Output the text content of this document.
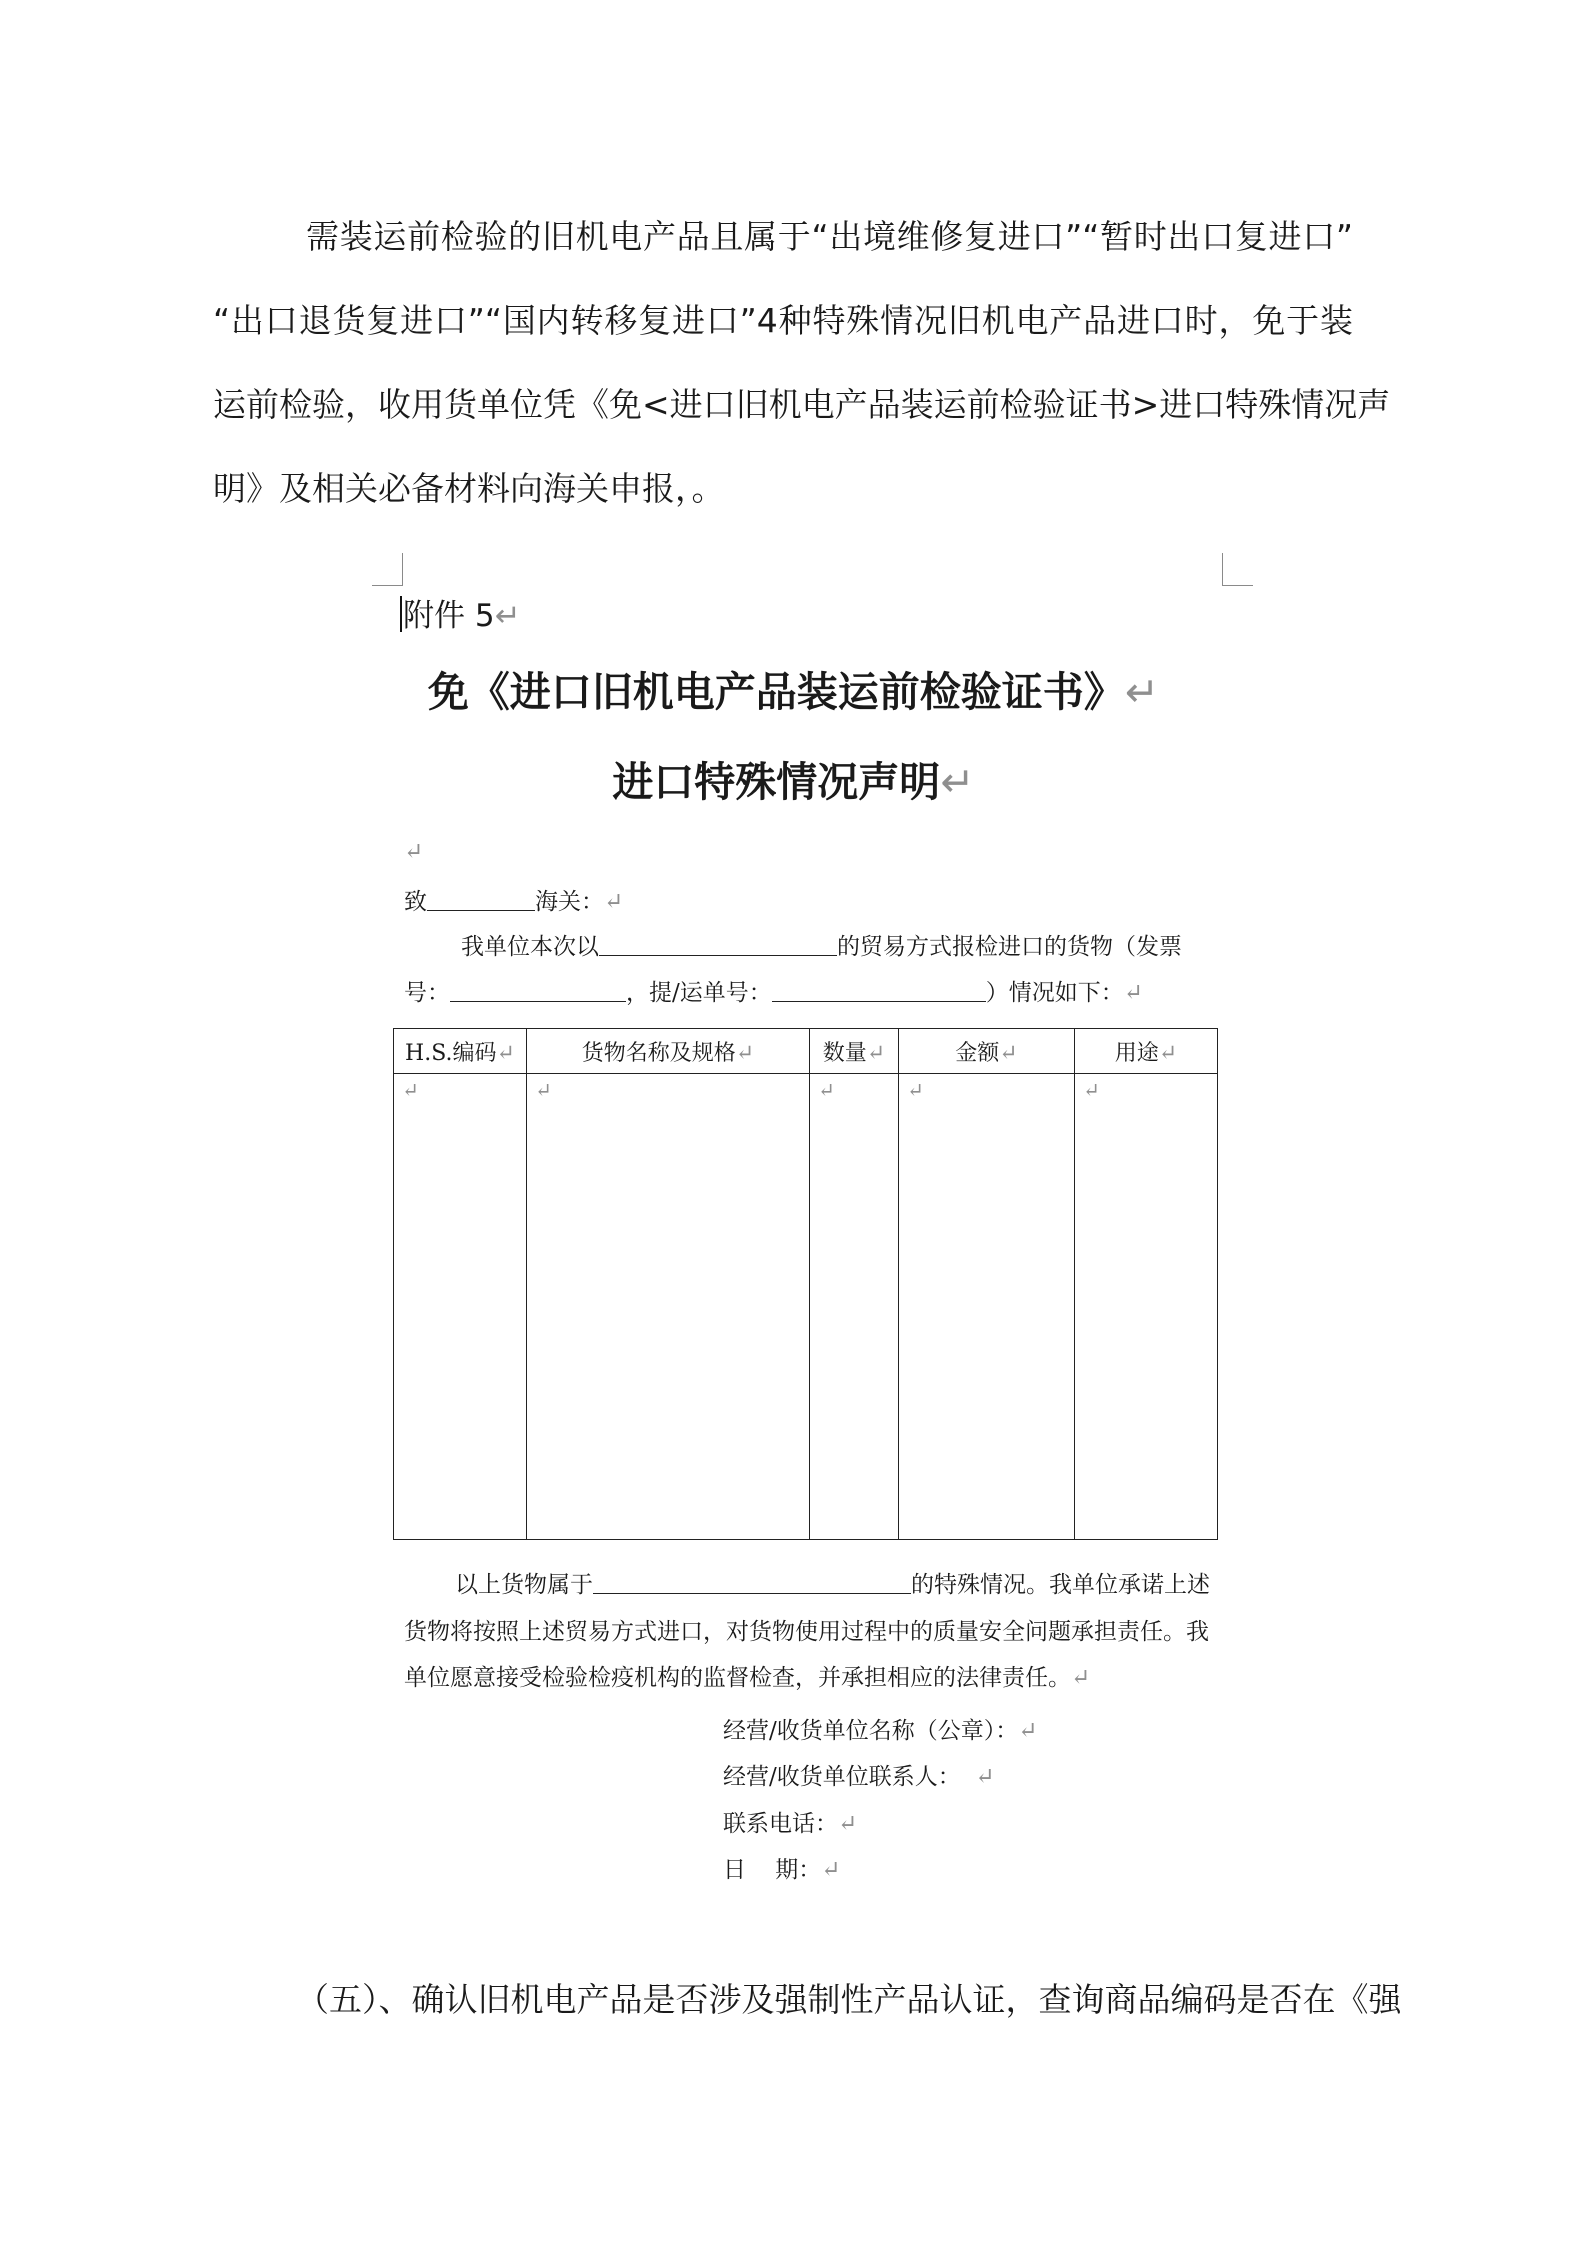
需装运前检验的旧机电产品且属于“出境维修复进口”“暂时出口复进口”
“出口退货复进口”“国内转移复进口”4种特殊情况旧机电产品进口时，免于装
运前检验，收用货单位凭《免<进口旧机电产品装运前检验证书>进口特殊情况声
明》及相关必备材料向海关申报，。
附件 5↵
免《进口旧机电产品装运前检验证书》↵
进口特殊情况声明↵
↵
致	海关：↵
我单位本次以	的贸易方式报检进口的货物（发票
号：	，提/运单号：	）情况如下：↵
H.S.编码↵	货物名称及规格↵	数量↵	金额↵	用途↵
↵	↵	↵	↵	↵
以上货物属于	的特殊情况。我单位承诺上述
货物将按照上述贸易方式进口，对货物使用过程中的质量安全问题承担责任。我
单位愿意接受检验检疫机构的监督检查，并承担相应的法律责任。↵
经营/收货单位名称（公章）：↵
经营/收货单位联系人： ↵
联系电话：↵
日    期：↵
（五）、确认旧机电产品是否涉及强制性产品认证，查询商品编码是否在《强
